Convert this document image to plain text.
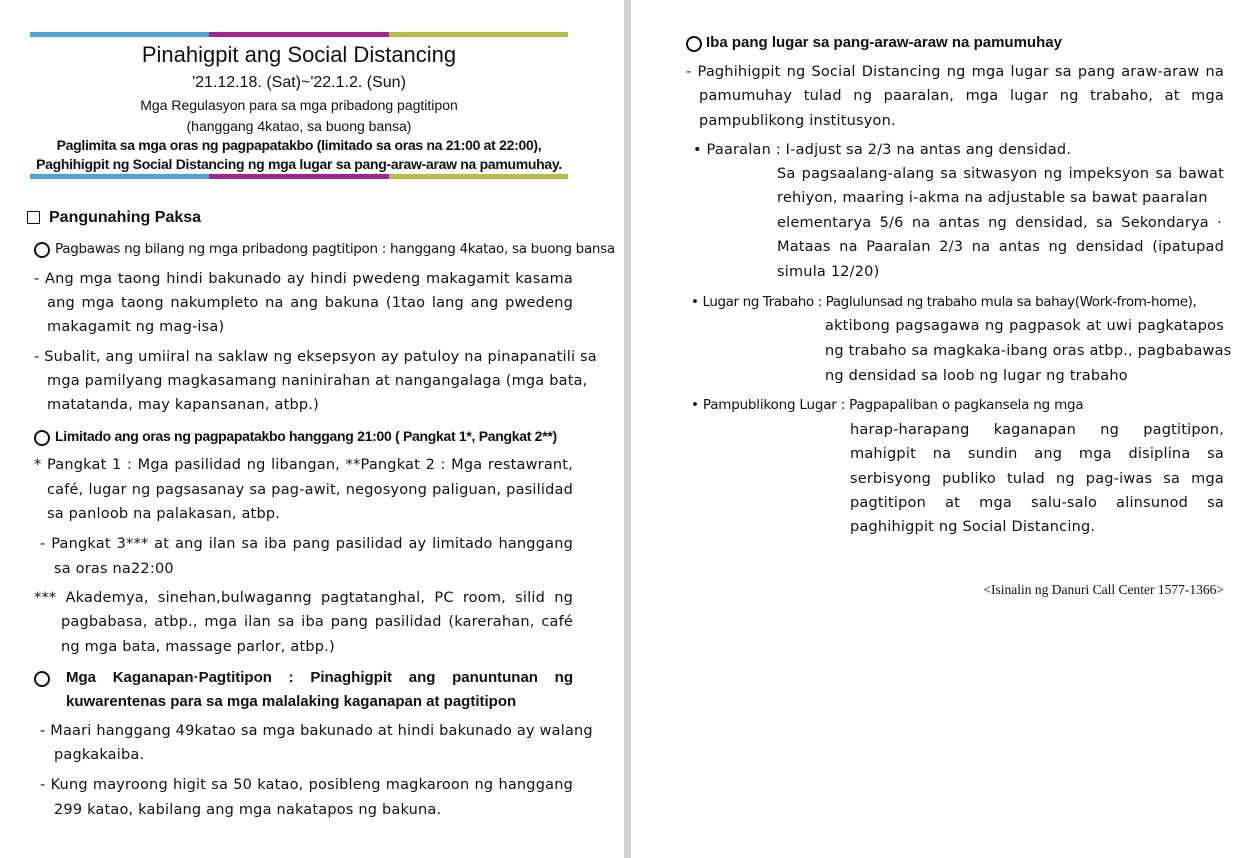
Pinahigpit ang Social Distancing
'21.12.18. (Sat)~'22.1.2. (Sun)
Mga Regulasyon para sa mga pribadong pagtitipon
(hanggang 4katao, sa buong bansa)
Paglimita sa mga oras ng pagpapatakbo (limitado sa oras na 21:00 at 22:00),
Paghihigpit ng Social Distancing ng mga lugar sa pang-araw-araw na pamumuhay.
Pangunahing Paksa
Pagbawas ng bilang ng mga pribadong pagtitipon : hanggang 4katao, sa buong bansa
- Ang mga taong hindi bakunado ay hindi pwedeng makagamit kasama
ang mga taong nakumpleto na ang bakuna (1tao lang ang pwedeng
makagamit ng mag-isa)
- Subalit, ang umiiral na saklaw ng eksepsyon ay patuloy na pinapanatili sa
mga pamilyang magkasamang naninirahan at nangangalaga (mga bata,
matatanda, may kapansanan, atbp.)
Limitado ang oras ng pagpapatakbo hanggang 21:00 ( Pangkat 1*, Pangkat 2**)
* Pangkat 1 : Mga pasilidad ng libangan, **Pangkat 2 : Mga restawrant,
café, lugar ng pagsasanay sa pag-awit, negosyong paliguan, pasilidad
sa panloob na palakasan, atbp.
- Pangkat 3*** at ang ilan sa iba pang pasilidad ay limitado hanggang
sa oras na22:00
*** Akademya, sinehan,bulwaganng pagtatanghal, PC room, silid ng
pagbabasa, atbp., mga ilan sa iba pang pasilidad (karerahan, café
ng mga bata, massage parlor, atbp.)
Mga Kaganapan·Pagtitipon : Pinaghigpit ang panuntunan ng
kuwarentenas para sa mga malalaking kaganapan at pagtitipon
- Maari hanggang 49katao sa mga bakunado at hindi bakunado ay walang
pagkakaiba.
- Kung mayroong higit sa 50 katao, posibleng magkaroon ng hanggang
299 katao, kabilang ang mga nakatapos ng bakuna.
Iba pang lugar sa pang-araw-araw na pamumuhay
- Paghihigpit ng Social Distancing ng mga lugar sa pang araw-araw na
pamumuhay tulad ng paaralan, mga lugar ng trabaho, at mga
pampublikong institusyon.
• Paaralan : I-adjust sa 2/3 na antas ang densidad.
Sa pagsaalang-alang sa sitwasyon ng impeksyon sa bawat
rehiyon, maaring i-akma na adjustable sa bawat paaralan
elementarya 5/6 na antas ng densidad, sa Sekondarya ·
Mataas na Paaralan 2/3 na antas ng densidad (ipatupad
simula 12/20)
• Lugar ng Trabaho : Paglulunsad ng trabaho mula sa bahay(Work-from-home),
aktibong pagsagawa ng pagpasok at uwi pagkatapos
ng trabaho sa magkaka-ibang oras atbp., pagbabawas
ng densidad sa loob ng lugar ng trabaho
• Pampublikong Lugar : Pagpapaliban o pagkansela ng mga
harap-harapang kaganapan ng pagtitipon,
mahigpit na sundin ang mga disiplina sa
serbisyong publiko tulad ng pag-iwas sa mga
pagtitipon at mga salu-salo alinsunod sa
paghihigpit ng Social Distancing.
<Isinalin ng Danuri Call Center 1577-1366>
